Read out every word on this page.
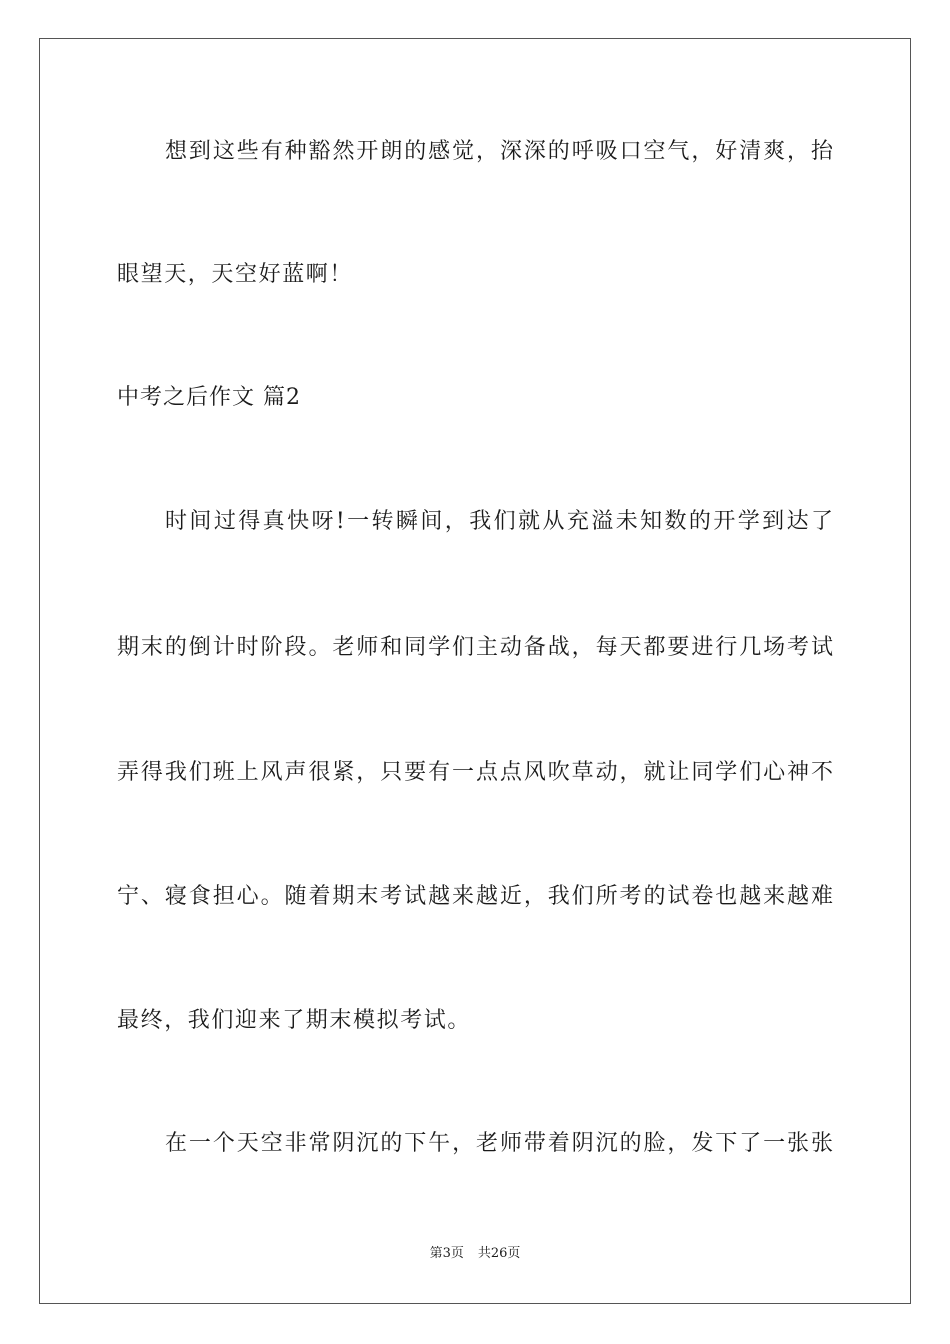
想到这些有种豁然开朗的感觉，深深的呼吸口空气，好清爽，抬
眼望天，天空好蓝啊！
中考之后作文 篇2
时间过得真快呀!一转瞬间，我们就从充溢未知数的开学到达了
期末的倒计时阶段。老师和同学们主动备战，每天都要进行几场考试
弄得我们班上风声很紧，只要有一点点风吹草动，就让同学们心神不
宁、寝食担心。随着期末考试越来越近，我们所考的试卷也越来越难
最终，我们迎来了期末模拟考试。
在一个天空非常阴沉的下午，老师带着阴沉的脸，发下了一张张
第3页 共26页
